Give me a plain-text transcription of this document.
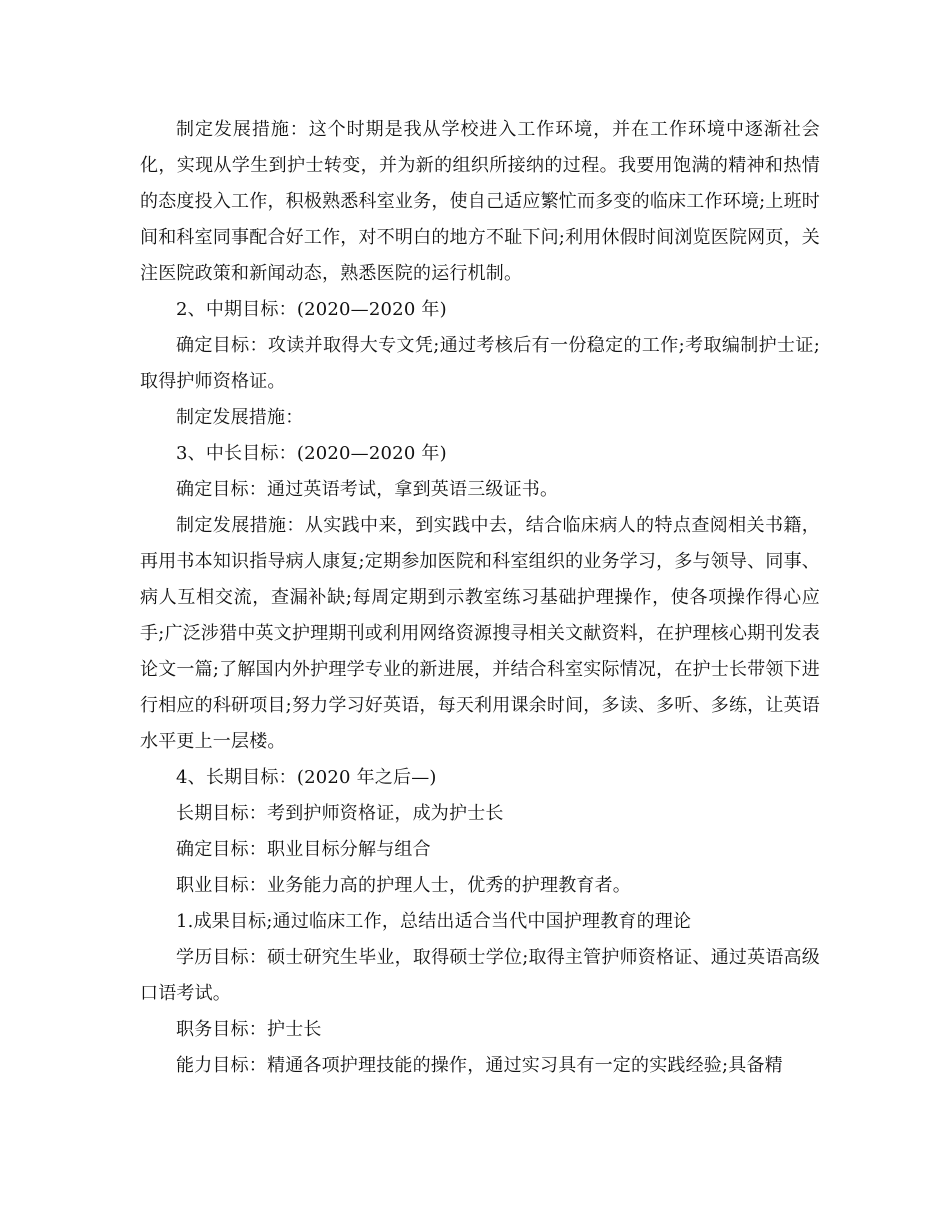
制定发展措施：这个时期是我从学校进入工作环境，并在工作环境中逐渐社会化，实现从学生到护士转变，并为新的组织所接纳的过程。我要用饱满的精神和热情的态度投入工作，积极熟悉科室业务，使自己适应繁忙而多变的临床工作环境;上班时间和科室同事配合好工作，对不明白的地方不耻下问;利用休假时间浏览医院网页，关注医院政策和新闻动态，熟悉医院的运行机制。

2、中期目标：(2020—2020 年)

确定目标：攻读并取得大专文凭;通过考核后有一份稳定的工作;考取编制护士证;取得护师资格证。

制定发展措施：

3、中长目标：(2020—2020 年)

确定目标：通过英语考试，拿到英语三级证书。

制定发展措施：从实践中来，到实践中去，结合临床病人的特点查阅相关书籍，再用书本知识指导病人康复;定期参加医院和科室组织的业务学习，多与领导、同事、病人互相交流，查漏补缺;每周定期到示教室练习基础护理操作，使各项操作得心应手;广泛涉猎中英文护理期刊或利用网络资源搜寻相关文献资料，在护理核心期刊发表论文一篇;了解国内外护理学专业的新进展，并结合科室实际情况，在护士长带领下进行相应的科研项目;努力学习好英语，每天利用课余时间，多读、多听、多练，让英语水平更上一层楼。

4、长期目标：(2020 年之后—)

长期目标：考到护师资格证，成为护士长

确定目标：职业目标分解与组合

职业目标：业务能力高的护理人士，优秀的护理教育者。

1.成果目标;通过临床工作，总结出适合当代中国护理教育的理论

学历目标：硕士研究生毕业，取得硕士学位;取得主管护师资格证、通过英语高级口语考试。

职务目标：护士长

能力目标：精通各项护理技能的操作，通过实习具有一定的实践经验;具备精
